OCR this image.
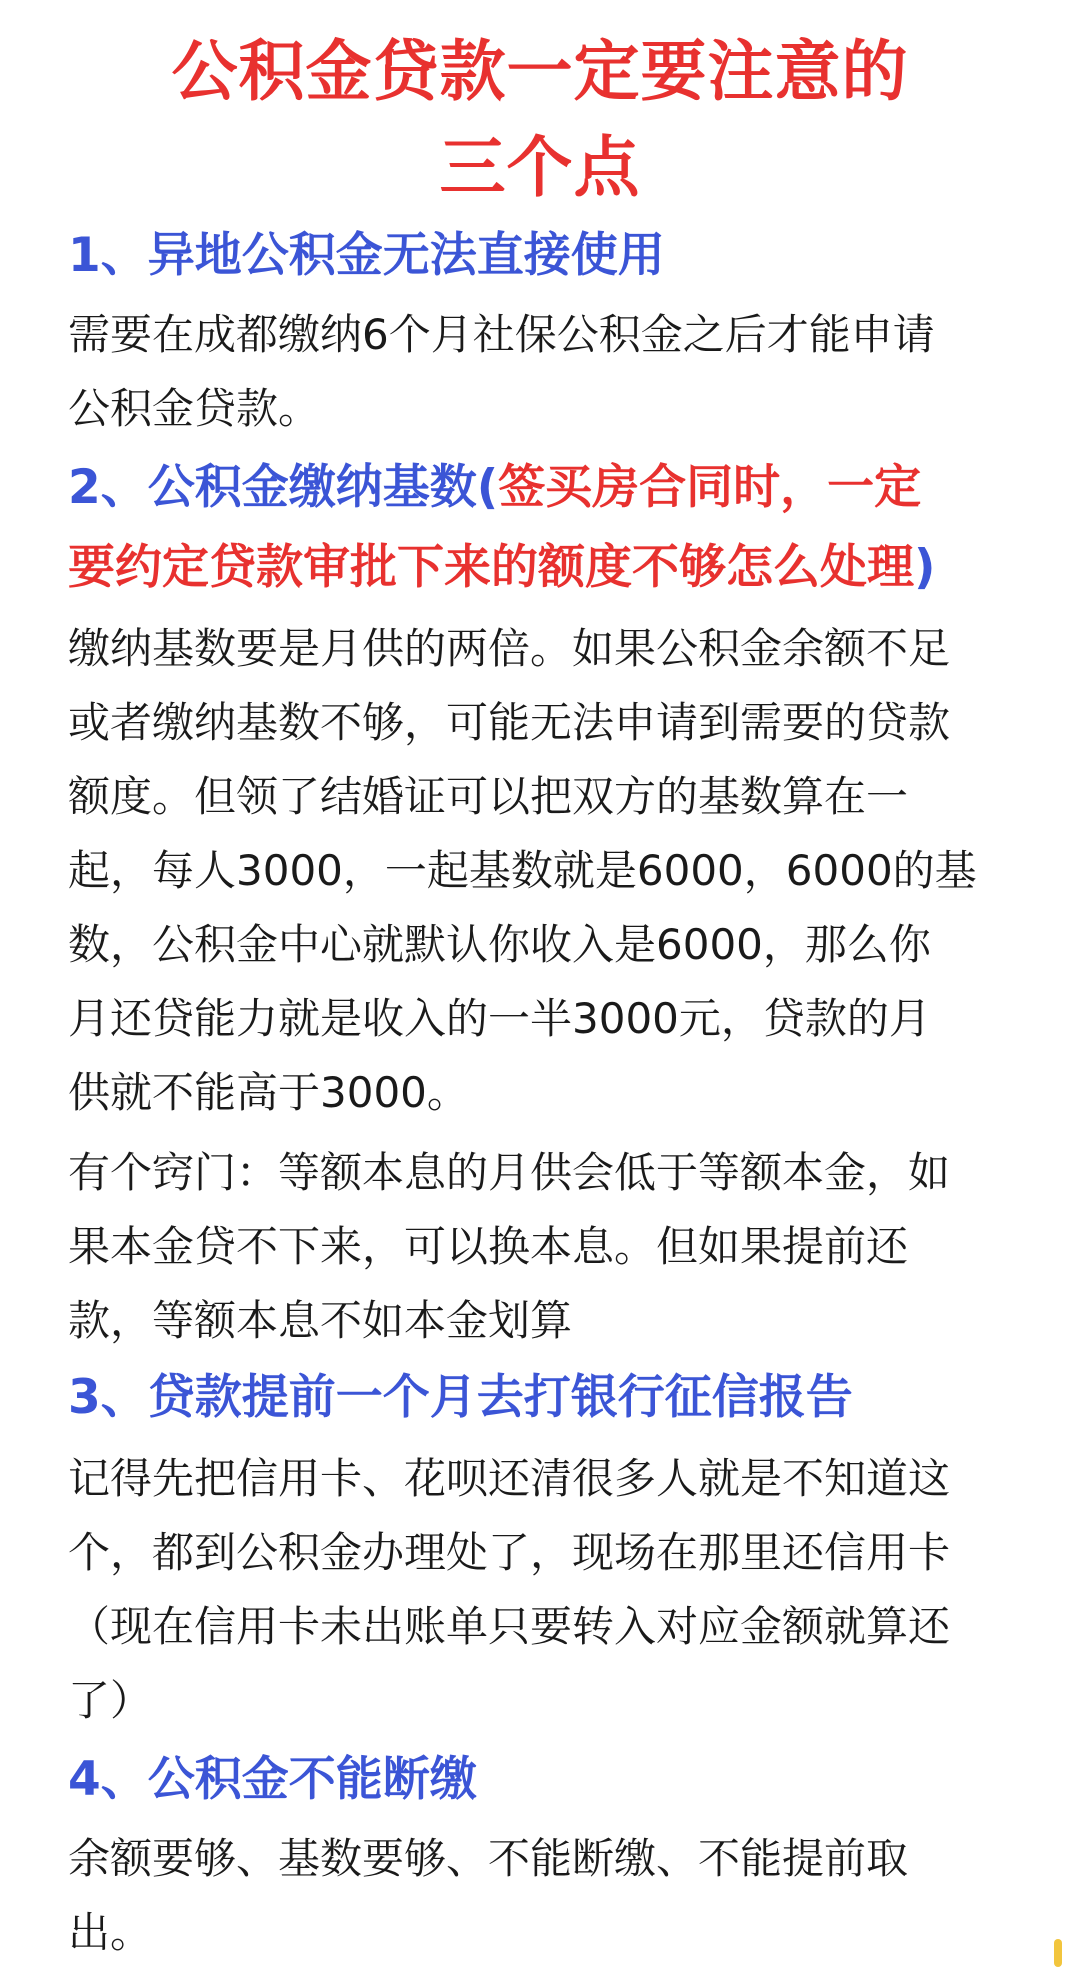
公积金贷款一定要注意的
三个点
1、异地公积金无法直接使用
需要在成都缴纳6个月社保公积金之后才能申请
公积金贷款。
2、公积金缴纳基数(签买房合同时，一定
要约定贷款审批下来的额度不够怎么处理)
缴纳基数要是月供的两倍。如果公积金余额不足
或者缴纳基数不够，可能无法申请到需要的贷款
额度。但领了结婚证可以把双方的基数算在一
起，每人3000，一起基数就是6000，6000的基
数，公积金中心就默认你收入是6000，那么你
月还贷能力就是收入的一半3000元，贷款的月
供就不能高于3000。
有个窍门：等额本息的月供会低于等额本金，如
果本金贷不下来，可以换本息。但如果提前还
款，等额本息不如本金划算
3、贷款提前一个月去打银行征信报告
记得先把信用卡、花呗还清很多人就是不知道这
个，都到公积金办理处了，现场在那里还信用卡
（现在信用卡未出账单只要转入对应金额就算还
了）
4、公积金不能断缴
余额要够、基数要够、不能断缴、不能提前取
出。
